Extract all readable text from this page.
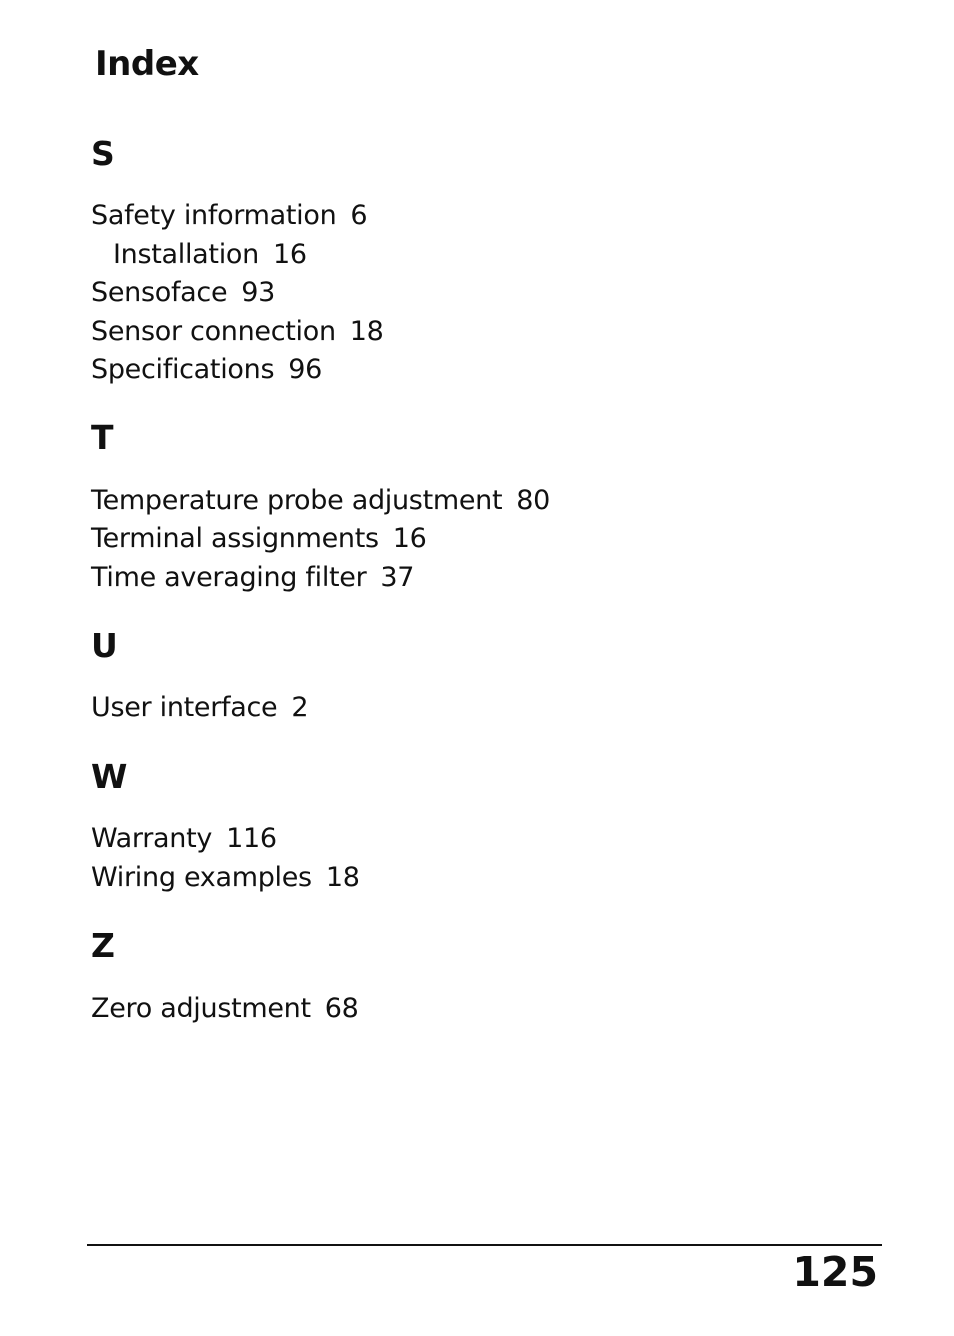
Index
S
Safety information 6
Installation 16
Sensoface 93
Sensor connection 18
Specifications 96
T
Temperature probe adjustment 80
Terminal assignments 16
Time averaging filter 37
U
User interface 2
W
Warranty 116
Wiring examples 18
Z
Zero adjustment 68
125
